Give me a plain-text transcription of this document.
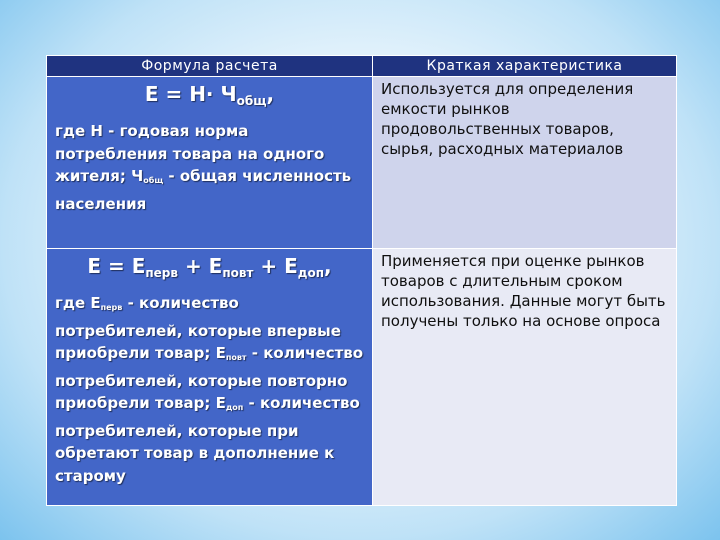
Формула расчета	Краткая характеристика

$E = Н\cdot Ч_{общ}$,
где Н - годовая норма потребления товара на одного жителя; $Ч_{общ}$ - общая численность населения	Используется для определения емкости рынков продовольственных товаров, сырья, расходных материалов

$E = E_{перв} + E_{повт} + E_{доп}$,
где $E_{перв}$ - количество потребителей, которые впервые приобрели товар; $E_{повт}$ - количество потребителей, которые повторно приобрели товар; $E_{доп}$ - количество потребителей, которые при обретают товар в дополнение к старому	Применяется при оценке рынков товаров с длительным сроком использования. Данные могут быть получены только на основе опроса
